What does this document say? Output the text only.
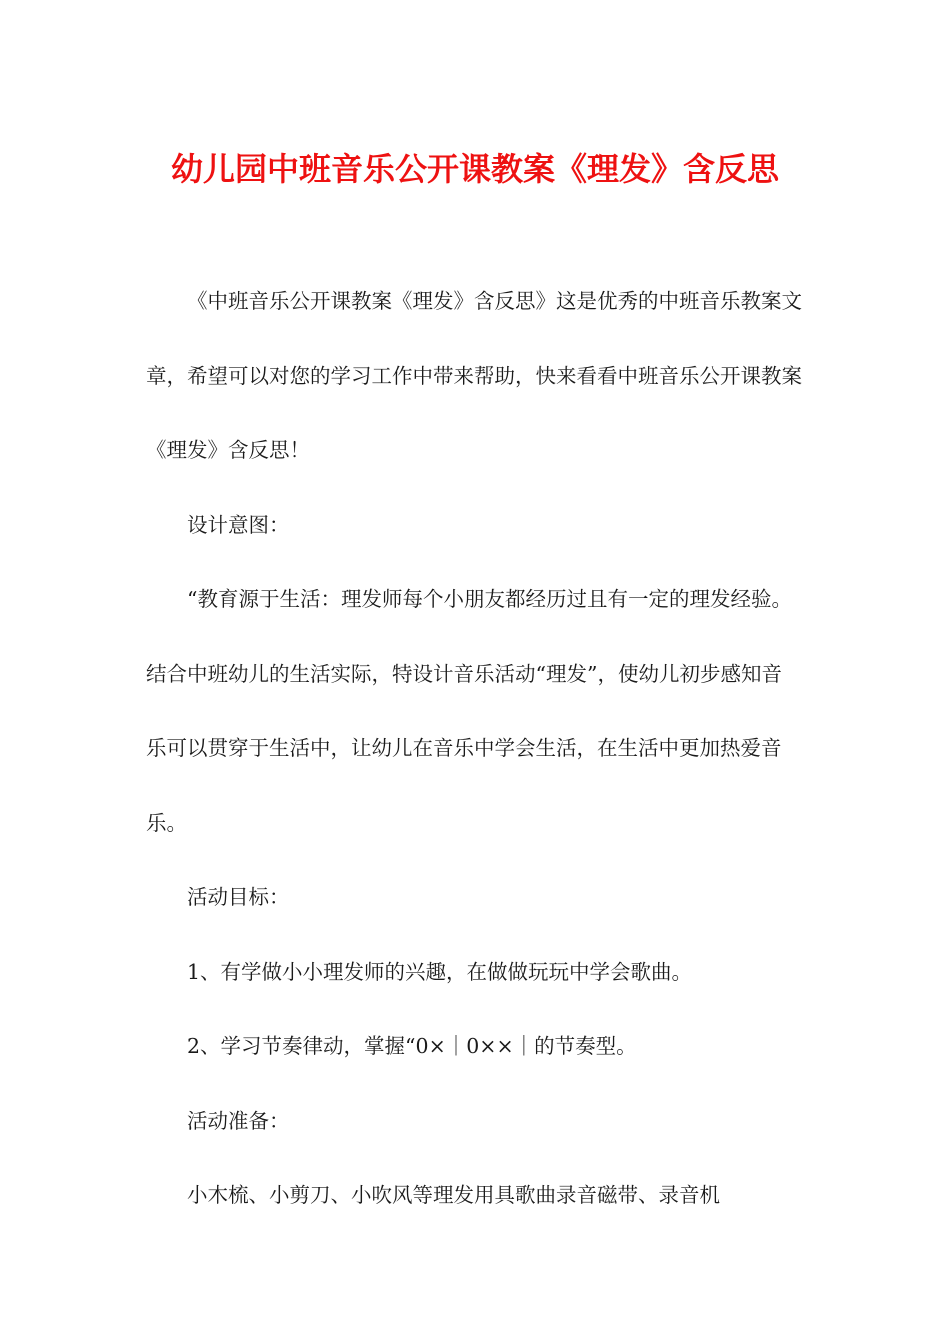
幼儿园中班音乐公开课教案《理发》含反思

《中班音乐公开课教案《理发》含反思》这是优秀的中班音乐教案文章，希望可以对您的学习工作中带来帮助，快来看看中班音乐公开课教案《理发》含反思！

设计意图：

“教育源于生活：理发师每个小朋友都经历过且有一定的理发经验。结合中班幼儿的生活实际，特设计音乐活动“理发”，使幼儿初步感知音乐可以贯穿于生活中，让幼儿在音乐中学会生活，在生活中更加热爱音乐。

活动目标：

1、有学做小小理发师的兴趣，在做做玩玩中学会歌曲。

2、学习节奏律动，掌握“0×｜0××｜的节奏型。

活动准备：

小木梳、小剪刀、小吹风等理发用具歌曲录音磁带、录音机
